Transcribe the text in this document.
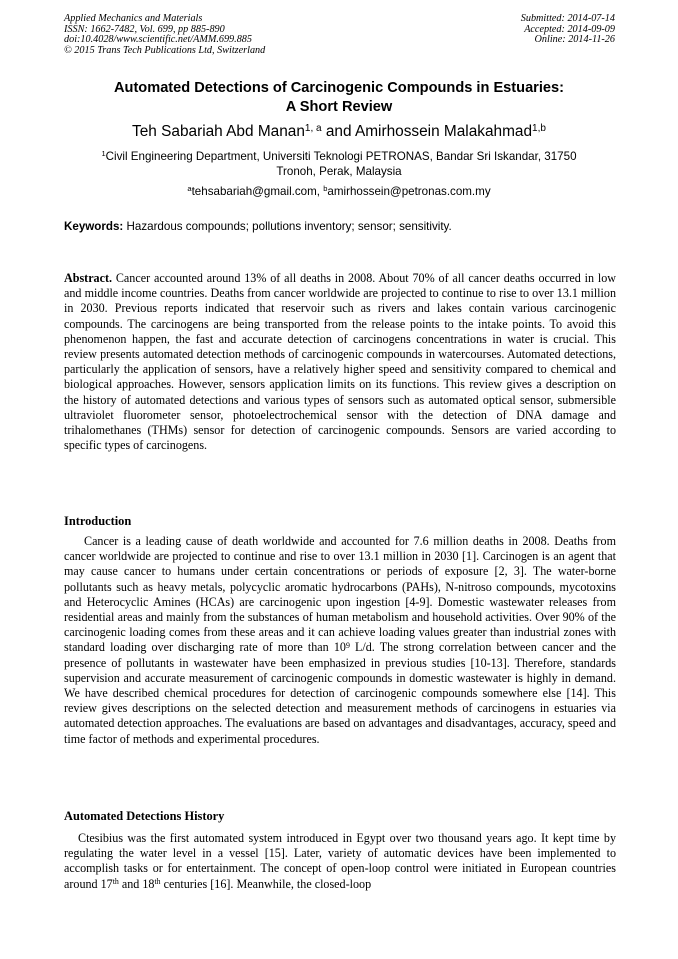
Applied Mechanics and Materials
ISSN: 1662-7482, Vol. 699, pp 885-890
doi:10.4028/www.scientific.net/AMM.699.885
© 2015 Trans Tech Publications Ltd, Switzerland
Submitted: 2014-07-14
Accepted: 2014-09-09
Online: 2014-11-26
Automated Detections of Carcinogenic Compounds in Estuaries:
A Short Review
Teh Sabariah Abd Manan$^{1, a}$ and Amirhossein Malakahmad$^{1,b}$
$^1$Civil Engineering Department, Universiti Teknologi PETRONAS, Bandar Sri Iskandar, 31750
Tronoh, Perak, Malaysia
$^a$tehsabariah@gmail.com, $^b$amirhossein@petronas.com.my
Keywords: Hazardous compounds; pollutions inventory; sensor; sensitivity.
Abstract. Cancer accounted around 13% of all deaths in 2008. About 70% of all cancer deaths occurred in low and middle income countries. Deaths from cancer worldwide are projected to continue to rise to over 13.1 million in 2030. Previous reports indicated that reservoir such as rivers and lakes contain various carcinogenic compounds. The carcinogens are being transported from the release points to the intake points. To avoid this phenomenon happen, the fast and accurate detection of carcinogens concentrations in water is crucial. This review presents automated detection methods of carcinogenic compounds in watercourses. Automated detections, particularly the application of sensors, have a relatively higher speed and sensitivity compared to chemical and biological approaches. However, sensors application limits on its functions. This review gives a description on the history of automated detections and various types of sensors such as automated optical sensor, submersible ultraviolet fluorometer sensor, photoelectrochemical sensor with the detection of DNA damage and trihalomethanes (THMs) sensor for detection of carcinogenic compounds. Sensors are varied according to specific types of carcinogens.
Introduction
Cancer is a leading cause of death worldwide and accounted for 7.6 million deaths in 2008. Deaths from cancer worldwide are projected to continue and rise to over 13.1 million in 2030 [1]. Carcinogen is an agent that may cause cancer to humans under certain concentrations or periods of exposure [2, 3]. The water-borne pollutants such as heavy metals, polycyclic aromatic hydrocarbons (PAHs), N-nitroso compounds, mycotoxins and Heterocyclic Amines (HCAs) are carcinogenic upon ingestion [4-9]. Domestic wastewater releases from residential areas and mainly from the substances of human metabolism and household activities. Over 90% of the carcinogenic loading comes from these areas and it can achieve loading values greater than industrial zones with standard loading over discharging rate of more than $10^9$ L/d. The strong correlation between cancer and the presence of pollutants in wastewater have been emphasized in previous studies [10-13]. Therefore, standards supervision and accurate measurement of carcinogenic compounds in domestic wastewater is highly in demand. We have described chemical procedures for detection of carcinogenic compounds somewhere else [14]. This review gives descriptions on the selected detection and measurement methods of carcinogens in estuaries via automated detection approaches. The evaluations are based on advantages and disadvantages, accuracy, speed and time factor of methods and experimental procedures.
Automated Detections History
Ctesibius was the first automated system introduced in Egypt over two thousand years ago. It kept time by regulating the water level in a vessel [15]. Later, variety of automatic devices have been implemented to accomplish tasks or for entertainment. The concept of open-loop control were initiated in European countries around 17th and 18th centuries [16]. Meanwhile, the closed-loop
